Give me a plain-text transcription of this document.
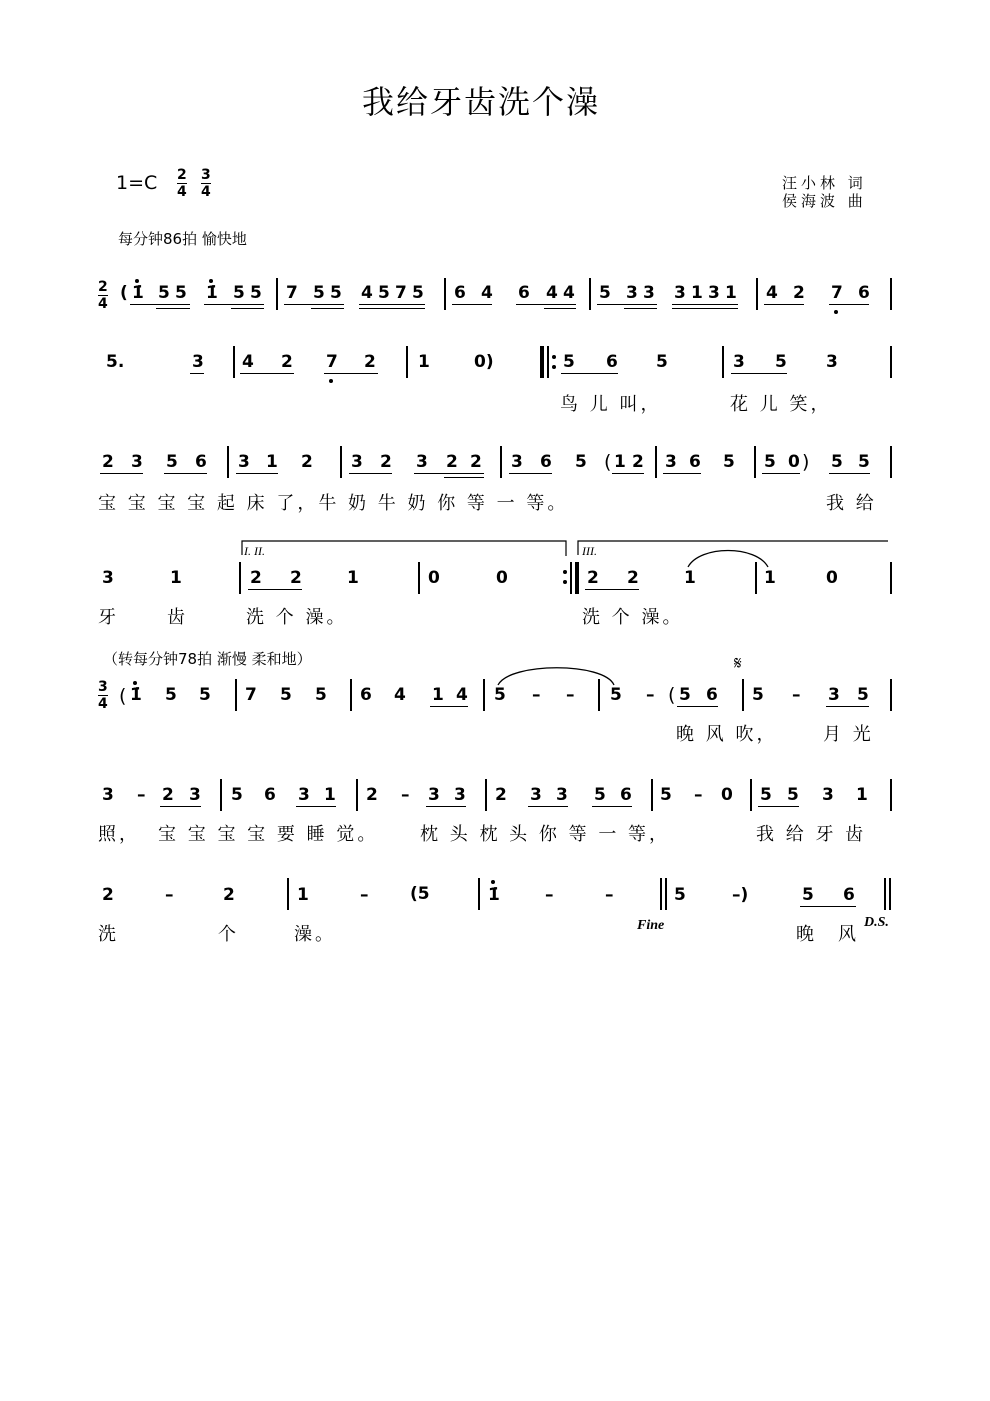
我给牙齿洗个澡
$1=C \frac{2}{4} \frac{3}{4}$	汪小林 词
侯海波 曲
每分钟86拍 愉快地
$\frac{2}{4}$ ( 1̇ 5 5 1̇ 5 5 7 5 5 4 5 7 5 6 4 6 4 4 5 3 3 3 1 3 1 4 2 7 6
5.	3 4 2 7 2 1	0)	5 6 5	3 5 3
鸟 儿 叫，	花 儿 笑，
2 3 5 6 3 1 2 3 2 3 2 2 3 6 5 ( 1 2 3 6 5 5 0 ) 5 5
宝 宝 宝 宝 起 床 了，牛 奶 牛 奶 你 等 一 等。	我 给
I. II.	III.
3	1	2 2	1	0	0	2 2	1	1	0
牙	齿	洗 个 澡。	洗 个 澡。
（转每分钟78拍 渐慢 柔和地）
$\frac{3}{4}$ ( 1̇ 5 5 7 5 5 6 4 1 4 5 – – 5 – ( 5 6
𝄋
5 – 3 5
晚 风 吹，	月 光
3 – 2 3 5 6 3 1 2 – 3 3 2 3 3 5 6 5 – 0 5 5 3 1
照， 宝 宝 宝 宝 要 睡 觉。 枕 头 枕 头 你 等 一 等，	我 给 牙 齿
2	–	2	1	– (5	1̇	–	–	5	–)	5 6
洗	个	澡。	晚 风
Fine	D.S.
